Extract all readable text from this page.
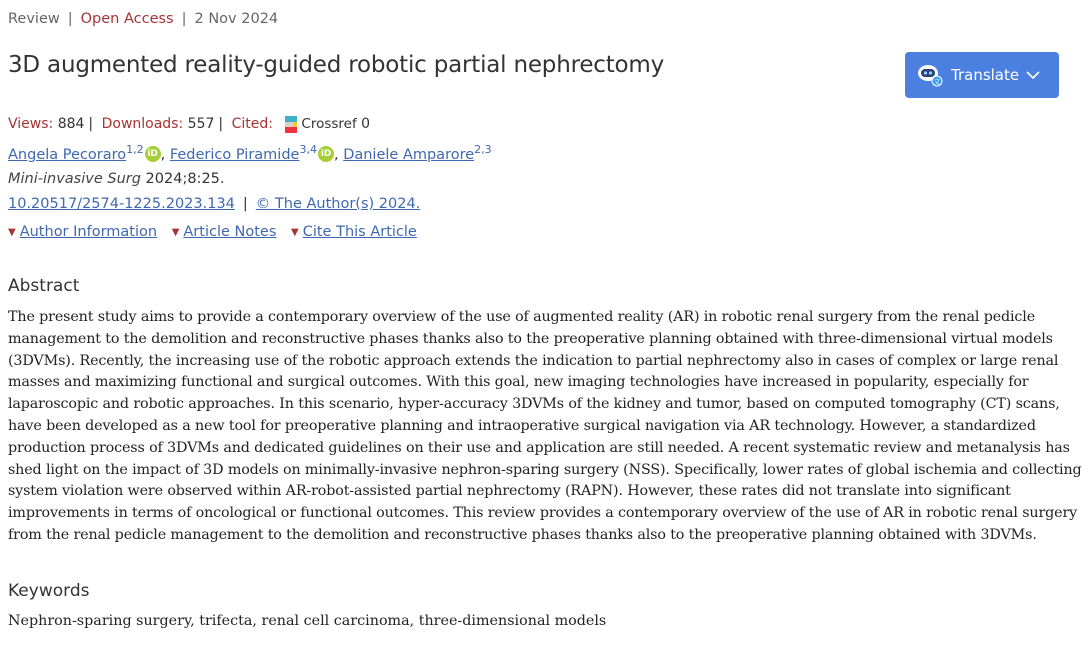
Review | Open Access | 2 Nov 2024
3D augmented reality-guided robotic partial nephrectomy
文 Translate
Views: 884 | Downloads: 557 | Cited: Crossref 0
Angela Pecoraro$^{1,2}$ iD , Federico Piramide$^{3,4}$ iD , Daniele Amparore$^{2,3}$
Mini-invasive Surg 2024;8:25.
10.20517/2574-1225.2023.134 | © The Author(s) 2024.
▼ Author Information ▼ Article Notes ▼ Cite This Article
Abstract

The present study aims to provide a contemporary overview of the use of augmented reality (AR) in robotic renal surgery from the renal pedicle management to the demolition and reconstructive phases thanks also to the preoperative planning obtained with three-dimensional virtual models (3DVMs). Recently, the increasing use of the robotic approach extends the indication to partial nephrectomy also in cases of complex or large renal masses and maximizing functional and surgical outcomes. With this goal, new imaging technologies have increased in popularity, especially for laparoscopic and robotic approaches. In this scenario, hyper-accuracy 3DVMs of the kidney and tumor, based on computed tomography (CT) scans, have been developed as a new tool for preoperative planning and intraoperative surgical navigation via AR technology. However, a standardized production process of 3DVMs and dedicated guidelines on their use and application are still needed. A recent systematic review and metanalysis has shed light on the impact of 3D models on minimally-invasive nephron-sparing surgery (NSS). Specifically, lower rates of global ischemia and collecting system violation were observed within AR-robot-assisted partial nephrectomy (RAPN). However, these rates did not translate into significant improvements in terms of oncological or functional outcomes. This review provides a contemporary overview of the use of AR in robotic renal surgery from the renal pedicle management to the demolition and reconstructive phases thanks also to the preoperative planning obtained with 3DVMs.

Keywords
Nephron-sparing surgery, trifecta, renal cell carcinoma, three-dimensional models
